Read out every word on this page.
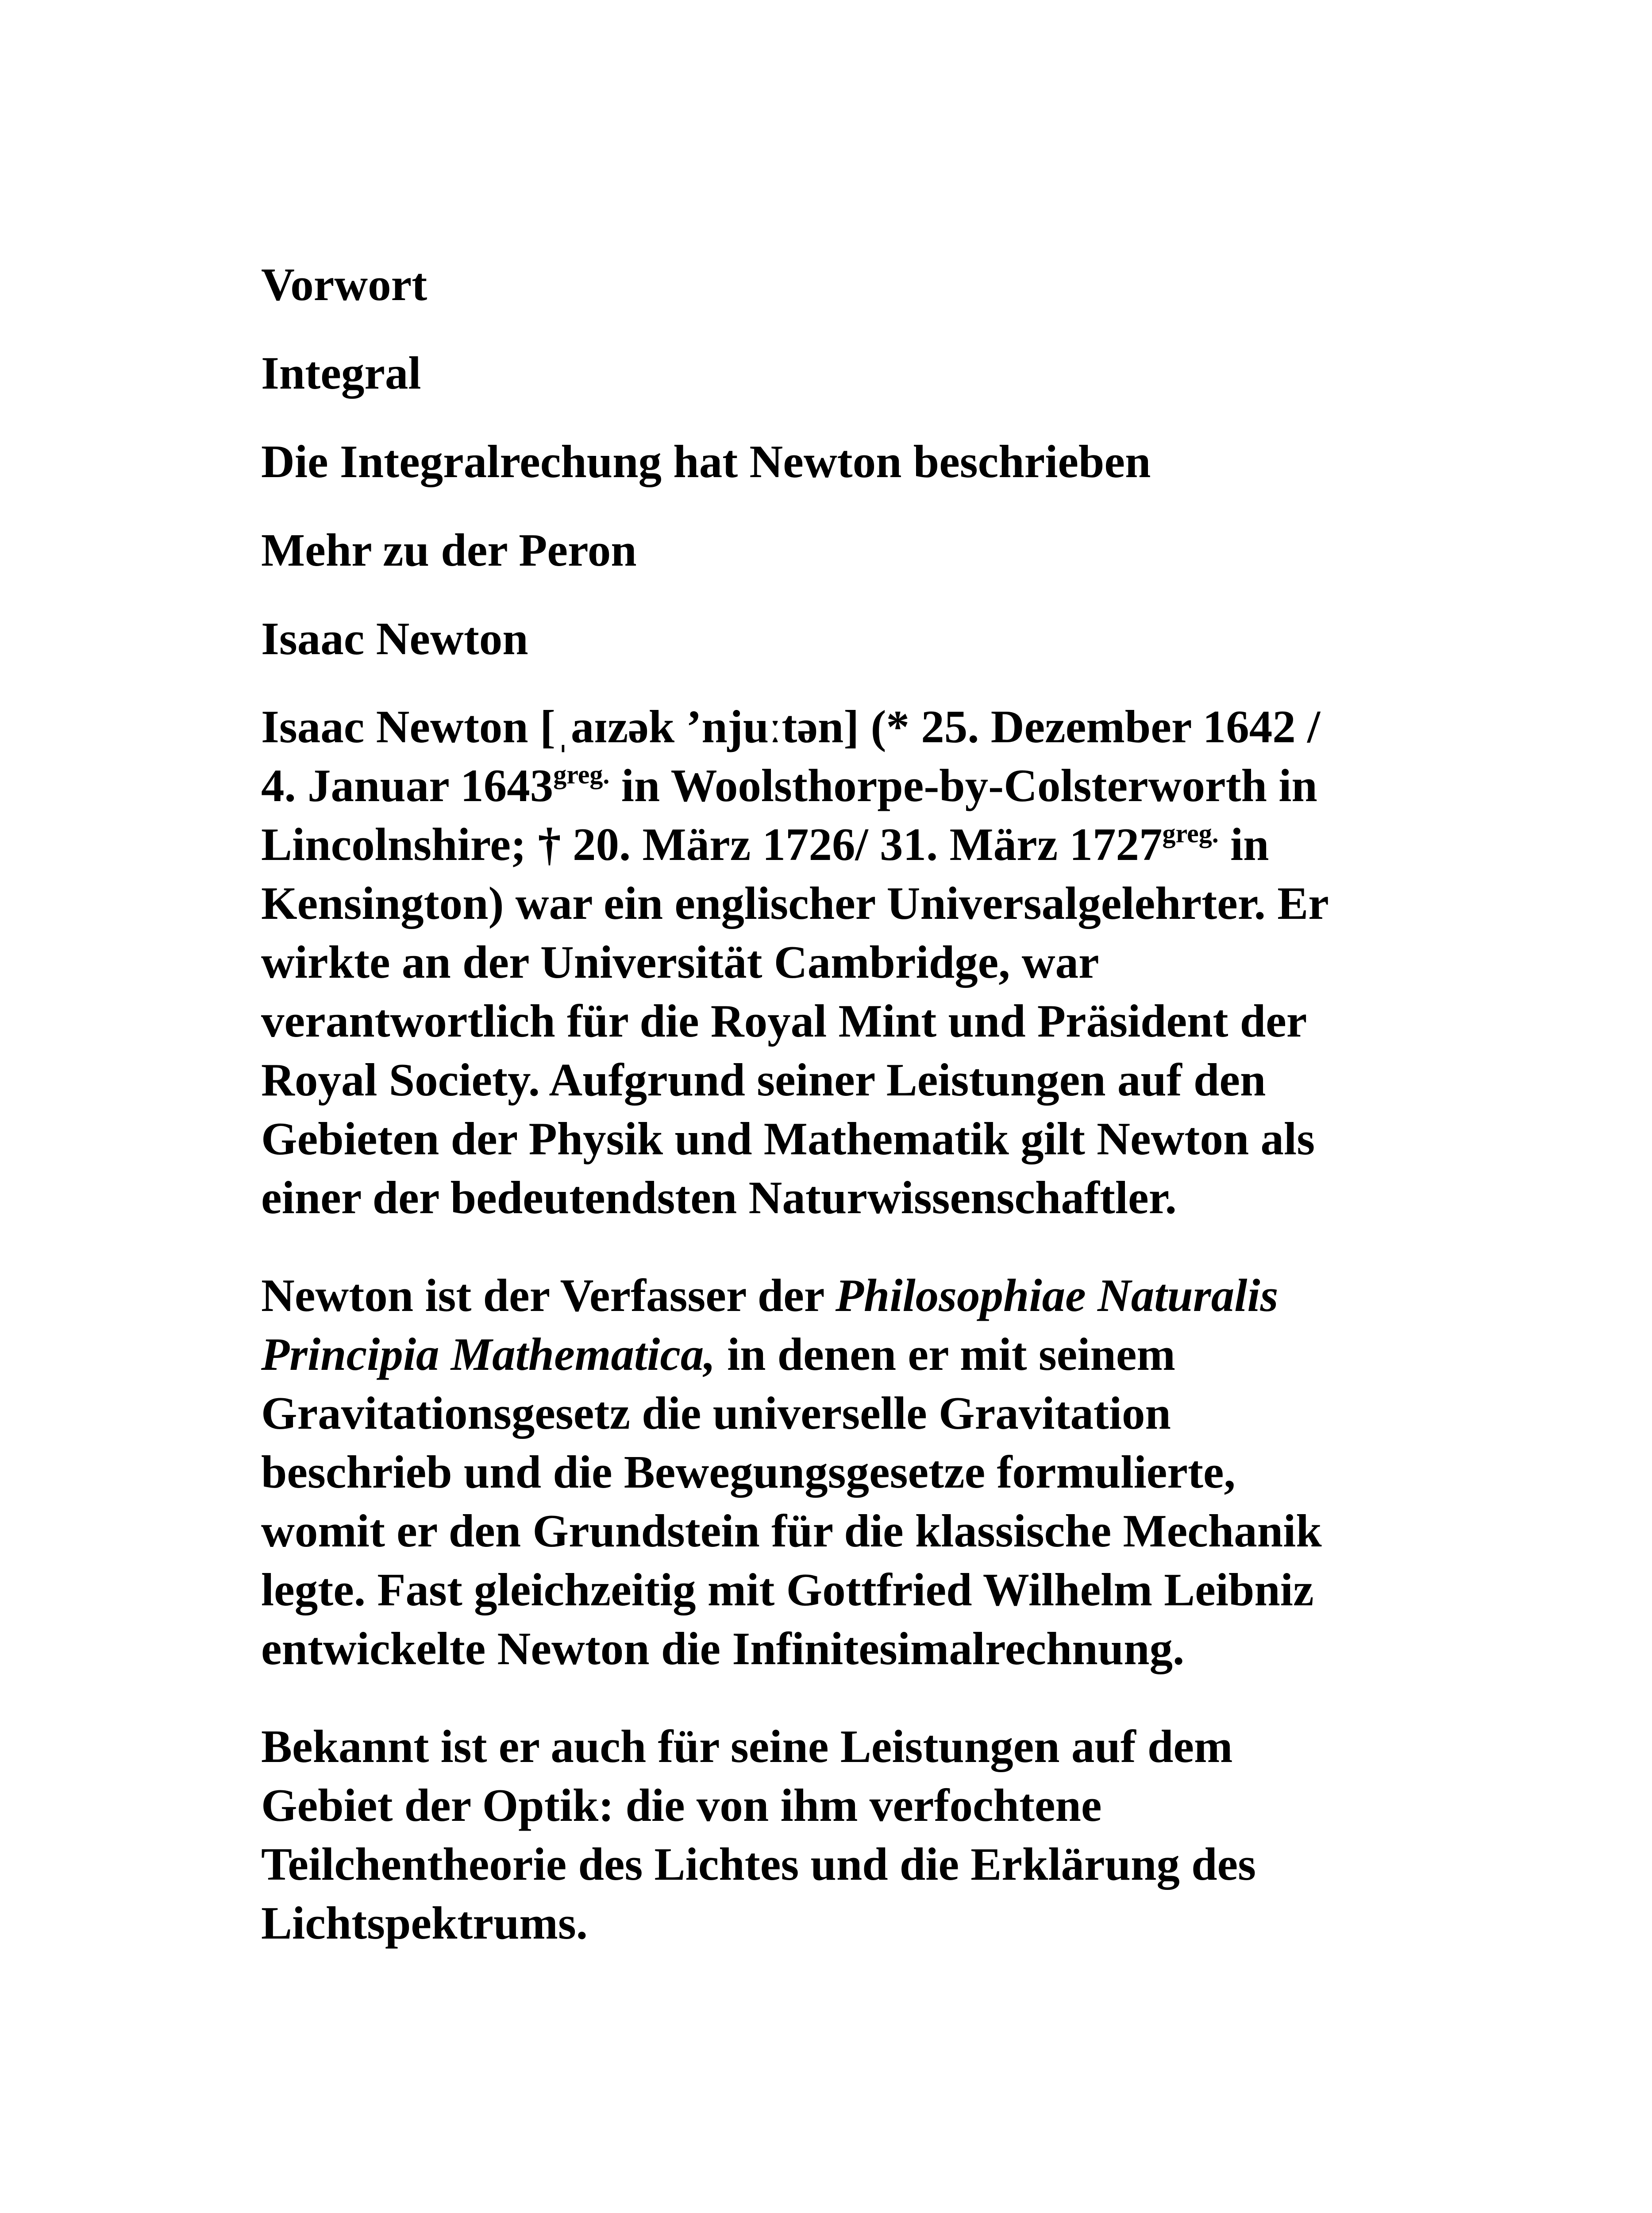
Vorwort

Integral

Die Integralrechung hat Newton beschrieben

Mehr zu der Peron

Isaac Newton

Isaac Newton [ˌaɪzək ’njuːtən] (* 25. Dezember 1642 /
4. Januar $1643^{greg.}$ in Woolsthorpe-by-Colsterworth in
Lincolnshire; † 20. März 1726/ 31. März $1727^{greg.}$ in
Kensington) war ein englischer Universalgelehrter. Er
wirkte an der Universität Cambridge, war
verantwortlich für die Royal Mint und Präsident der
Royal Society. Aufgrund seiner Leistungen auf den
Gebieten der Physik und Mathematik gilt Newton als
einer der bedeutendsten Naturwissenschaftler.

Newton ist der Verfasser der Philosophiae Naturalis
Principia Mathematica, in denen er mit seinem
Gravitationsgesetz die universelle Gravitation
beschrieb und die Bewegungsgesetze formulierte,
womit er den Grundstein für die klassische Mechanik
legte. Fast gleichzeitig mit Gottfried Wilhelm Leibniz
entwickelte Newton die Infinitesimalrechnung.

Bekannt ist er auch für seine Leistungen auf dem
Gebiet der Optik: die von ihm verfochtene
Teilchentheorie des Lichtes und die Erklärung des
Lichtspektrums.
